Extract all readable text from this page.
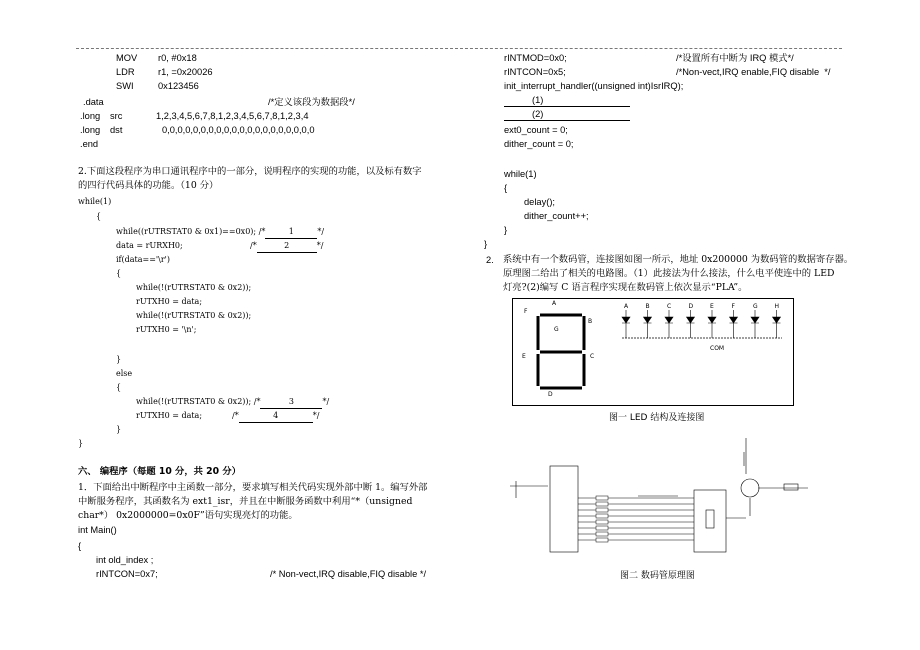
MOV r0, #0x18
LDR	r1, =0x20026
SWI	0x123456
.data	/*定义该段为数据段*/
.long src	1,2,3,4,5,6,7,8,1,2,3,4,5,6,7,8,1,2,3,4
.long dst	0,0,0,0,0,0,0,0,0,0,0,0,0,0,0,0,0,0,0,0
.end
2.下面这段程序为串口通讯程序中的一部分，说明程序的实现的功能，以及标有数字
的四行代码具体的功能。（10 分）
while(1)
{
while((rUTRSTAT0 & 0x1)==0x0); /*	1	*/
data = rURXH0;	/*	2	*/
if(data=='\r')
{
while(!(rUTRSTAT0 & 0x2));
rUTXH0 = data;
while(!(rUTRSTAT0 & 0x2));
rUTXH0 = '\n';
}
else
{
while(!(rUTRSTAT0 & 0x2)); /*	3	*/
rUTXH0 = data;	/*	4	*/
}
}
六、 编程序（每题 10 分，共 20 分）
1．下面给出中断程序中主函数一部分，要求填写相关代码实现外部中断 1。编写外部
中断服务程序，其函数名为 ext1_isr，并且在中断服务函数中利用“*（unsigned
char*） 0x2000000=0x0F”语句实现亮灯的功能。
int Main()
{
int old_index ;
rINTCON=0x7;	/* Non-vect,IRQ disable,FIQ disable */
rINTMOD=0x0;	/*设置所有中断为 IRQ 模式*/
rINTCON=0x5;	/*Non-vect,IRQ enable,FIQ disable  */
init_interrupt_handler((unsigned int)IsrIRQ);
(1)
(2)
ext0_count = 0;
dither_count = 0;
while(1)
{
delay();
dither_count++;
}
}
2. 系统中有一个数码管，连接图如图一所示，地址 0x200000 为数码管的数据寄存器。
原理图二给出了相关的电路图。（1）此接法为什么接法，什么电平使连中的 LED
灯亮?(2)编写 C 语言程序实现在数码管上依次显示“PLA”。
A
F
B
G
E	C
D
A	B	C	D	E	F	G	H
COM
图一 LED 结构及连接图
图二 数码管原理图
